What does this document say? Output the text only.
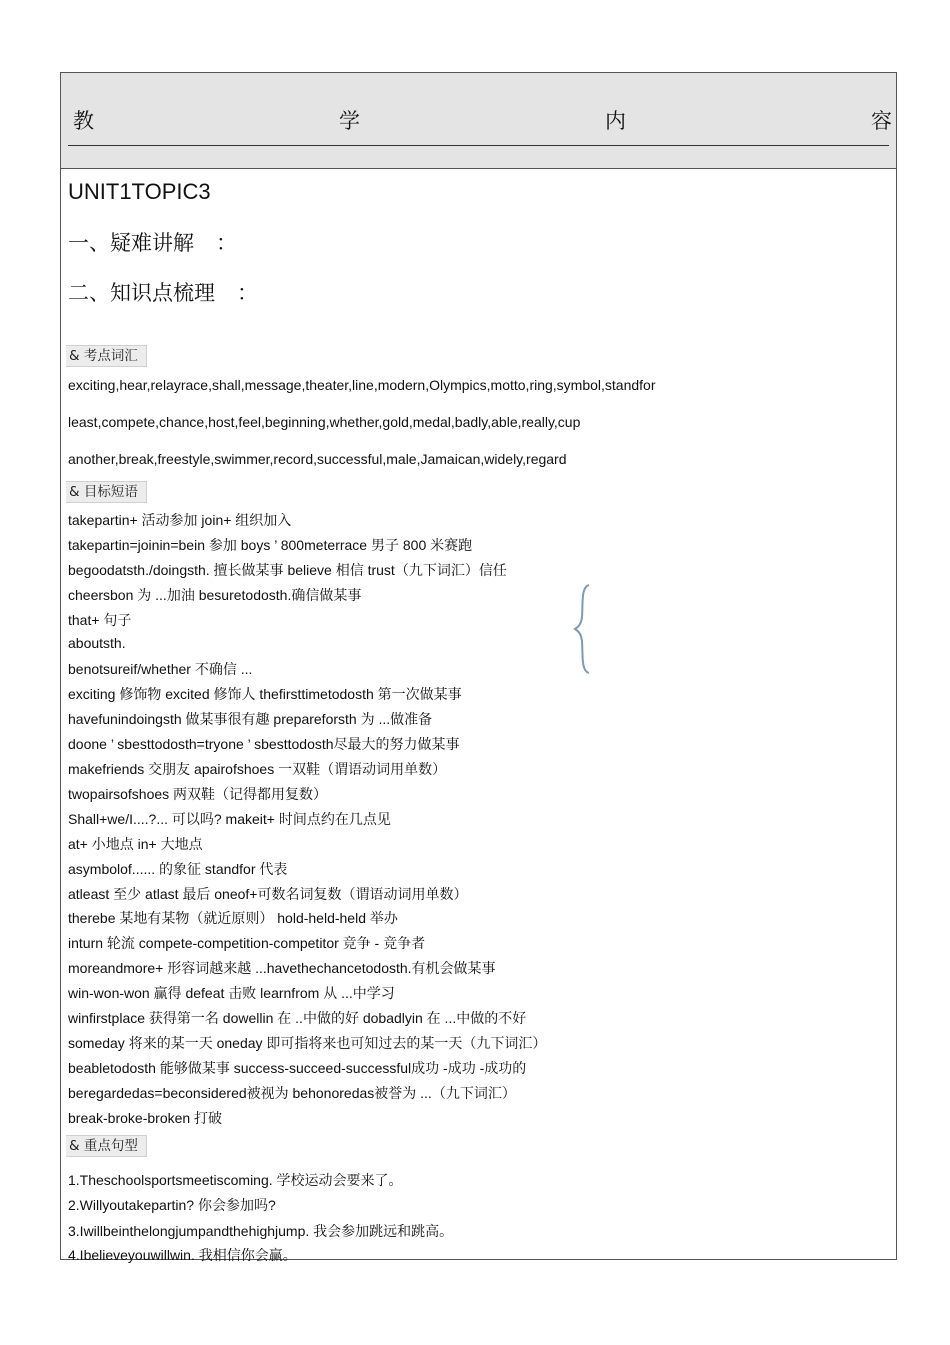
教	学	内	容
UNIT1TOPIC3
一、疑难讲解 ：
二、知识点梳理 ：
& 考点词汇
exciting,hear,relayrace,shall,message,theater,line,modern,Olympics,motto,ring,symbol,standfor
least,compete,chance,host,feel,beginning,whether,gold,medal,badly,able,really,cup
another,break,freestyle,swimmer,record,successful,male,Jamaican,widely,regard
& 目标短语
takepartin+ 活动参加 join+ 组织加入
takepartin=joinin=bein 参加 boys ’ 800meterrace 男子 800 米赛跑
begoodatsth./doingsth. 擅长做某事 believe 相信 trust（九下词汇）信任
cheersbon 为 ...加油 besuretodosth.确信做某事
that+ 句子
aboutsth.
benotsureif/whether 不确信 ...
exciting 修饰物 excited 修饰人 thefirsttimetodosth 第一次做某事
havefunindoingsth 做某事很有趣 prepareforsth 为 ...做准备
doone ’ sbesttodosth=tryone ’ sbesttodosth尽最大的努力做某事
makefriends 交朋友 apairofshoes 一双鞋（谓语动词用单数）
twopairsofshoes 两双鞋（记得都用复数）
Shall+we/I....?... 可以吗? makeit+ 时间点约在几点见
at+ 小地点 in+ 大地点
asymbolof...... 的象征 standfor 代表
atleast 至少 atlast 最后 oneof+可数名词复数（谓语动词用单数）
therebe 某地有某物（就近原则） hold-held-held 举办
inturn 轮流 compete-competition-competitor 竞争 - 竞争者
moreandmore+ 形容词越来越 ...havethechancetodosth.有机会做某事
win-won-won 赢得 defeat 击败 learnfrom 从 ...中学习
winfirstplace 获得第一名 dowellin 在 ..中做的好 dobadlyin 在 ...中做的不好
someday 将来的某一天 oneday 即可指将来也可知过去的某一天（九下词汇）
beabletodosth 能够做某事 success-succeed-successful成功 -成功 -成功的
beregardedas=beconsidered被视为 behonoredas被誉为 ...（九下词汇）
break-broke-broken 打破
& 重点句型
1.Theschoolsportsmeetiscoming. 学校运动会要来了。
2.Willyoutakepartin? 你会参加吗?
3.Iwillbeinthelongjumpandthehighjump. 我会参加跳远和跳高。
4.Ibelieveyouwillwin. 我相信你会赢。
